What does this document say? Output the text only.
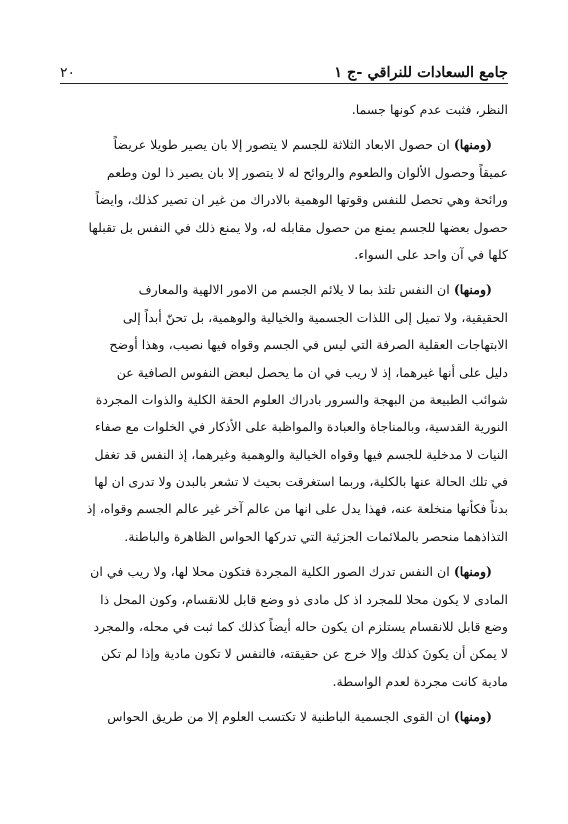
جامع السعادات للنراقي -ج ١
٢٠
النظر، فثبت عدم كونها جسما.
(ومنها) ان حصول الابعاد الثلاثة للجسم لا يتصور إلا بان يصير طويلا عريضاً
عميقاً وحصول الألوان والطعوم والروائح له لا يتصور إلا بان يصير ذا لون وطعم
ورائحة وهي تحصل للنفس وقوتها الوهمية بالادراك من غير ان تصير كذلك، وايضاً
حصول بعضها للجسم يمنع من حصول مقابله له، ولا يمنع ذلك في النفس بل تقبلها
كلها في آن واحد على السواء.
(ومنها) ان النفس تلتذ بما لا يلائم الجسم من الامور الالهية والمعارف
الحقيقية، ولا تميل إلى اللذات الجسمية والخيالية والوهمية، بل تحنّ أبداً إلى
الابتهاجات العقلية الصرفة التي ليس في الجسم وقواه فيها نصيب، وهذا أوضح
دليل على أنها غيرهما، إذ لا ريب في ان ما يحصل لبعض النفوس الصافية عن
شوائب الطبيعة من البهجة والسرور بادراك العلوم الحقة الكلية والذوات المجردة
النورية القدسية، وبالمناجاة والعبادة والمواظبة على الأذكار في الخلوات مع صفاء
النيات لا مدخلية للجسم فيها وقواه الخيالية والوهمية وغيرهما، إذ النفس قد تغفل
في تلك الحالة عنها بالكلية، وربما استغرقت بحيث لا تشعر بالبدن ولا تدرى ان لها
بدناً فكأنها منخلعة عنه، فهذا يدل على انها من عالم آخر غير عالم الجسم وقواه، إذ
التذاذهما منحصر بالملائمات الجزئية التي تدركها الحواس الظاهرة والباطنة.
(ومنها) ان النفس تدرك الصور الكلية المجردة فتكون محلا لها، ولا ريب في ان
المادى لا يكون محلا للمجرد اذ كل مادى ذو وضع قابل للانقسام، وكون المحل ذا
وضع قابل للانقسام يستلزم ان يكون حاله أيضاً كذلك كما ثبت في محله، والمجرد
لا يمكن أن يكونَ كذلك وإلا خرج عن حقيقته، فالنفس لا تكون مادية وإذا لم تكن
مادية كانت مجردة لعدم الواسطة.
(ومنها) ان القوى الجسمية الباطنية لا تكتسب العلوم إلا من طريق الحواس
